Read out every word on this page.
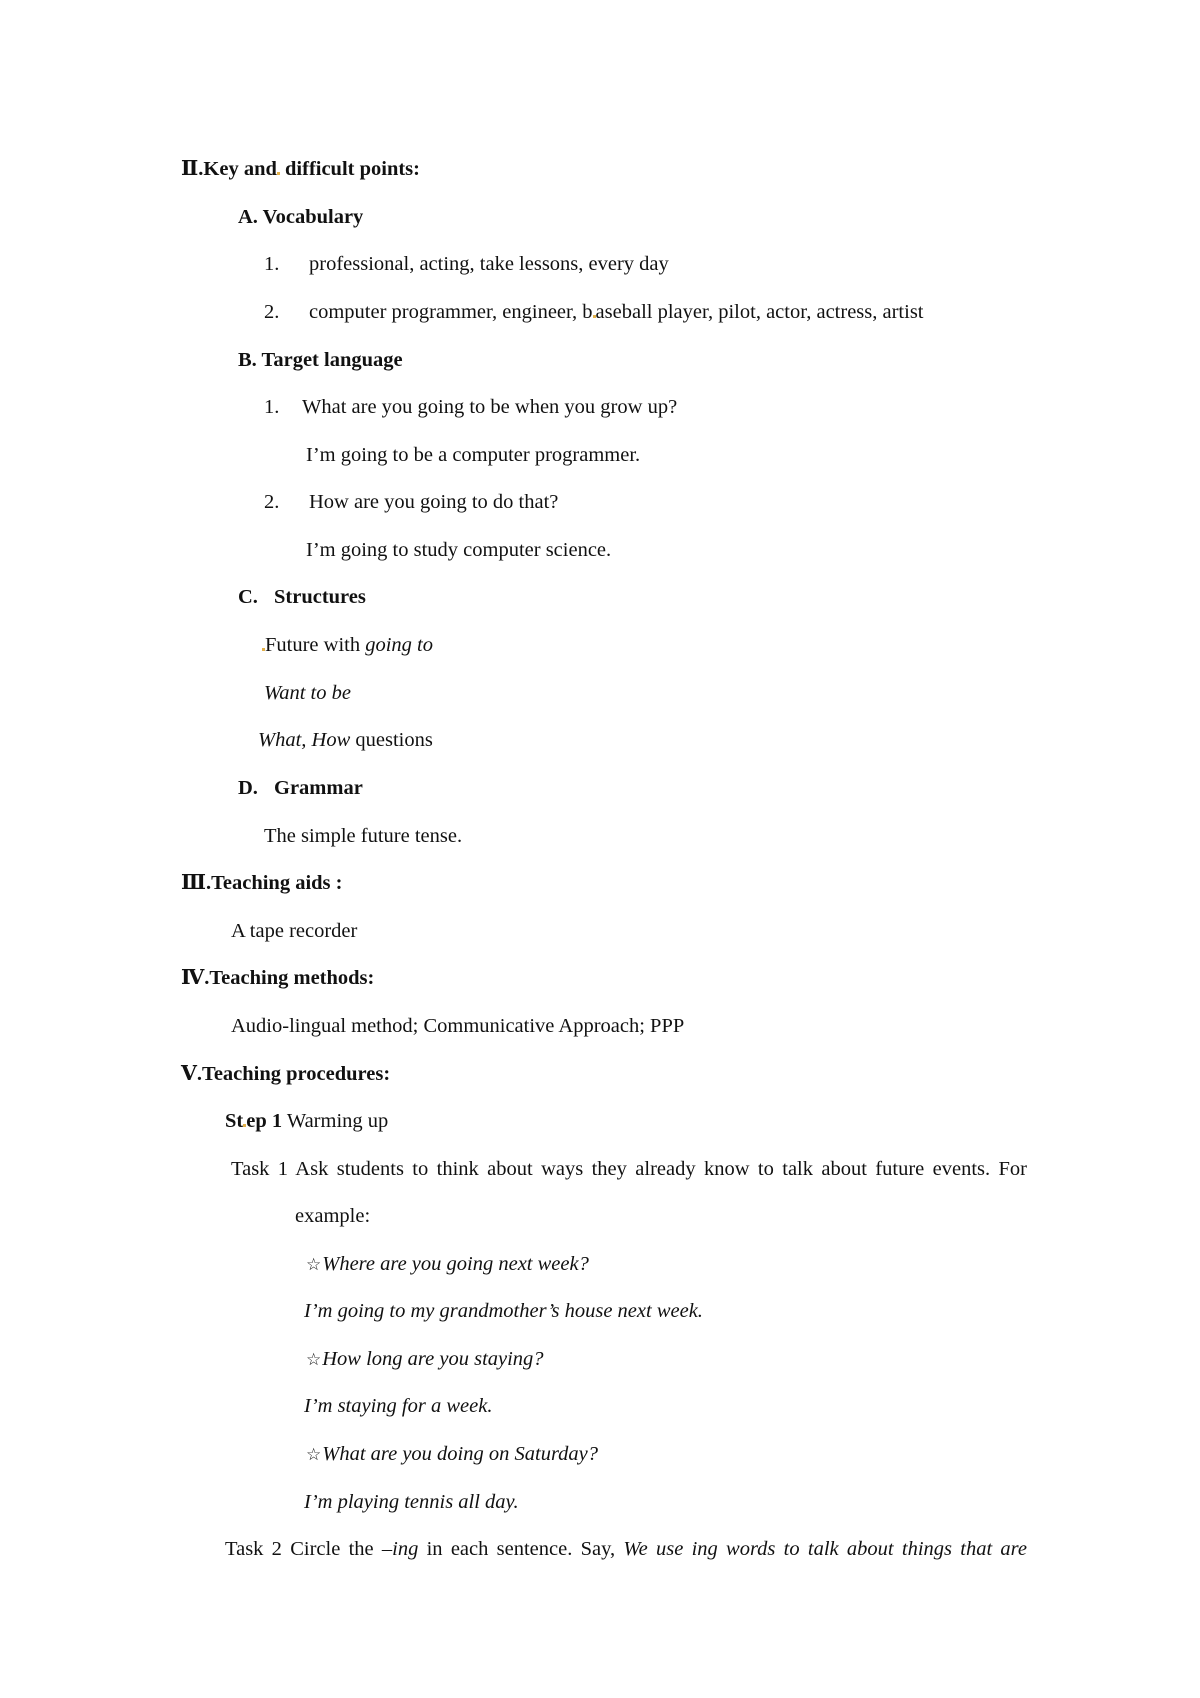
Ⅱ.Key and difficult points:
A. Vocabulary
1. professional, acting, take lessons, every day
2. computer programmer, engineer, b aseball player, pilot, actor, actress, artist
B. Target language
1. What are you going to be when you grow up?
I’m going to be a computer programmer.
2. How are you going to do that?
I’m going to study computer science.
C. Structures
Future with going to
Want to be
What, How questions
D. Grammar
The simple future tense.
Ⅲ.Teaching aids :
A tape recorder
Ⅳ.Teaching methods:
Audio-lingual method; Communicative Approach; PPP
Ⅴ.Teaching procedures:
St ep 1 Warming up
Task 1 Ask students to think about ways they already know to talk about future events. For
example:
☆Where are you going next week?
I’m going to my grandmother’s house next week.
☆How long are you staying?
I’m staying for a week.
☆What are you doing on Saturday?
I’m playing tennis all day.
Task 2 Circle the –ing in each sentence. Say, We use ing words to talk about things that are
